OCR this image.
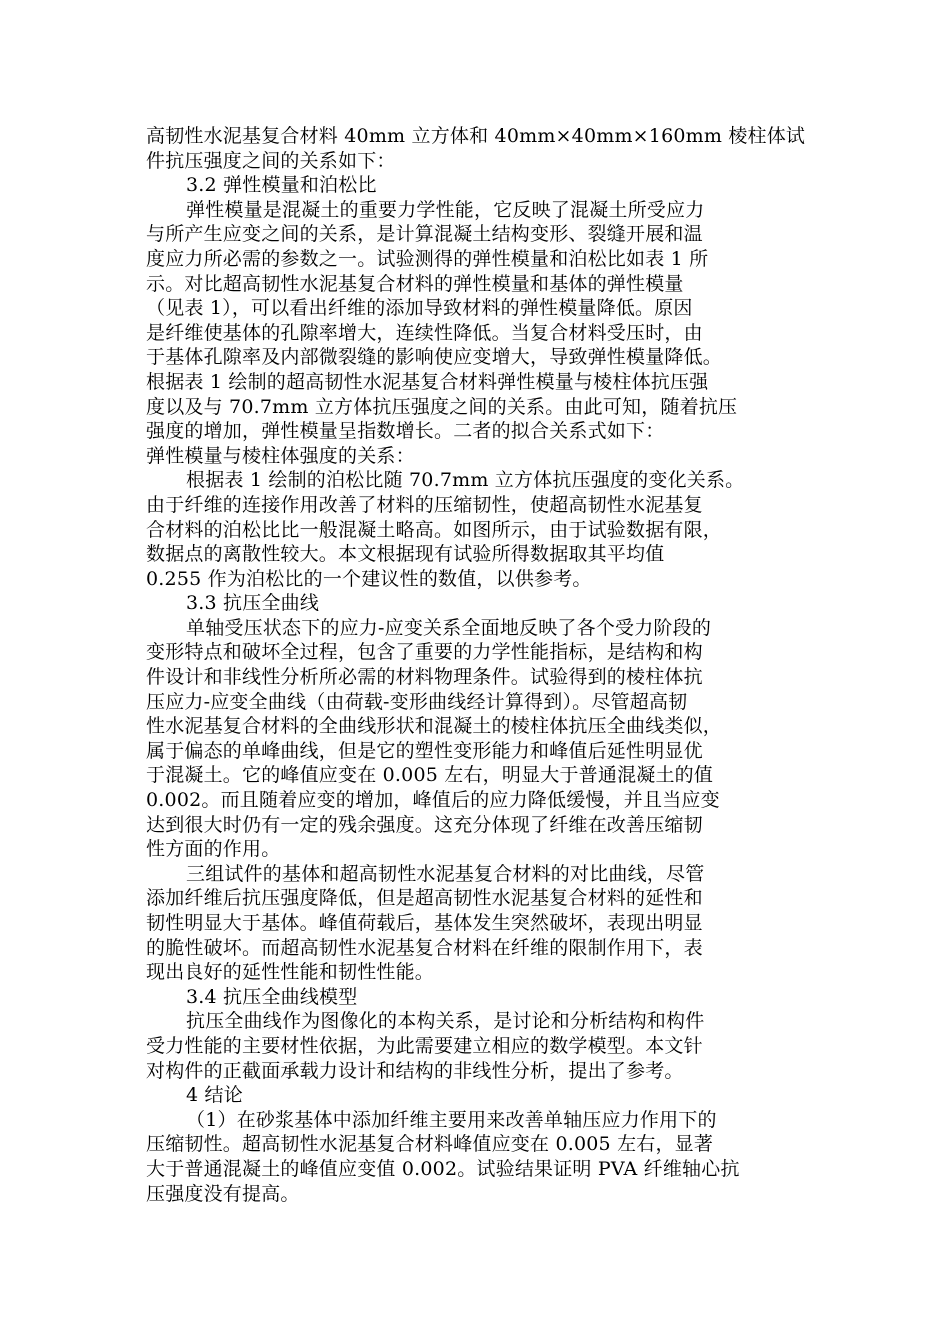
高韧性水泥基复合材料 40mm 立方体和 40mm×40mm×160mm 棱柱体试
件抗压强度之间的关系如下：
3.2 弹性模量和泊松比
弹性模量是混凝土的重要力学性能，它反映了混凝土所受应力
与所产生应变之间的关系，是计算混凝土结构变形、裂缝开展和温
度应力所必需的参数之一。试验测得的弹性模量和泊松比如表 1 所
示。对比超高韧性水泥基复合材料的弹性模量和基体的弹性模量
（见表 1），可以看出纤维的添加导致材料的弹性模量降低。原因
是纤维使基体的孔隙率增大，连续性降低。当复合材料受压时，由
于基体孔隙率及内部微裂缝的影响使应变增大，导致弹性模量降低。
根据表 1 绘制的超高韧性水泥基复合材料弹性模量与棱柱体抗压强
度以及与 70.7mm 立方体抗压强度之间的关系。由此可知，随着抗压
强度的增加，弹性模量呈指数增长。二者的拟合关系式如下：
弹性模量与棱柱体强度的关系：
根据表 1 绘制的泊松比随 70.7mm 立方体抗压强度的变化关系。
由于纤维的连接作用改善了材料的压缩韧性，使超高韧性水泥基复
合材料的泊松比比一般混凝土略高。如图所示，由于试验数据有限，
数据点的离散性较大。本文根据现有试验所得数据取其平均值
0.255 作为泊松比的一个建议性的数值，以供参考。
3.3 抗压全曲线
单轴受压状态下的应力-应变关系全面地反映了各个受力阶段的
变形特点和破坏全过程，包含了重要的力学性能指标，是结构和构
件设计和非线性分析所必需的材料物理条件。试验得到的棱柱体抗
压应力-应变全曲线（由荷载-变形曲线经计算得到）。尽管超高韧
性水泥基复合材料的全曲线形状和混凝土的棱柱体抗压全曲线类似，
属于偏态的单峰曲线，但是它的塑性变形能力和峰值后延性明显优
于混凝土。它的峰值应变在 0.005 左右，明显大于普通混凝土的值
0.002。而且随着应变的增加，峰值后的应力降低缓慢，并且当应变
达到很大时仍有一定的残余强度。这充分体现了纤维在改善压缩韧
性方面的作用。
三组试件的基体和超高韧性水泥基复合材料的对比曲线，尽管
添加纤维后抗压强度降低，但是超高韧性水泥基复合材料的延性和
韧性明显大于基体。峰值荷载后，基体发生突然破坏，表现出明显
的脆性破坏。而超高韧性水泥基复合材料在纤维的限制作用下，表
现出良好的延性性能和韧性性能。
3.4 抗压全曲线模型
抗压全曲线作为图像化的本构关系，是讨论和分析结构和构件
受力性能的主要材性依据，为此需要建立相应的数学模型。本文针
对构件的正截面承载力设计和结构的非线性分析，提出了参考。
4 结论
（1）在砂浆基体中添加纤维主要用来改善单轴压应力作用下的
压缩韧性。超高韧性水泥基复合材料峰值应变在 0.005 左右，显著
大于普通混凝土的峰值应变值 0.002。试验结果证明 PVA 纤维轴心抗
压强度没有提高。
